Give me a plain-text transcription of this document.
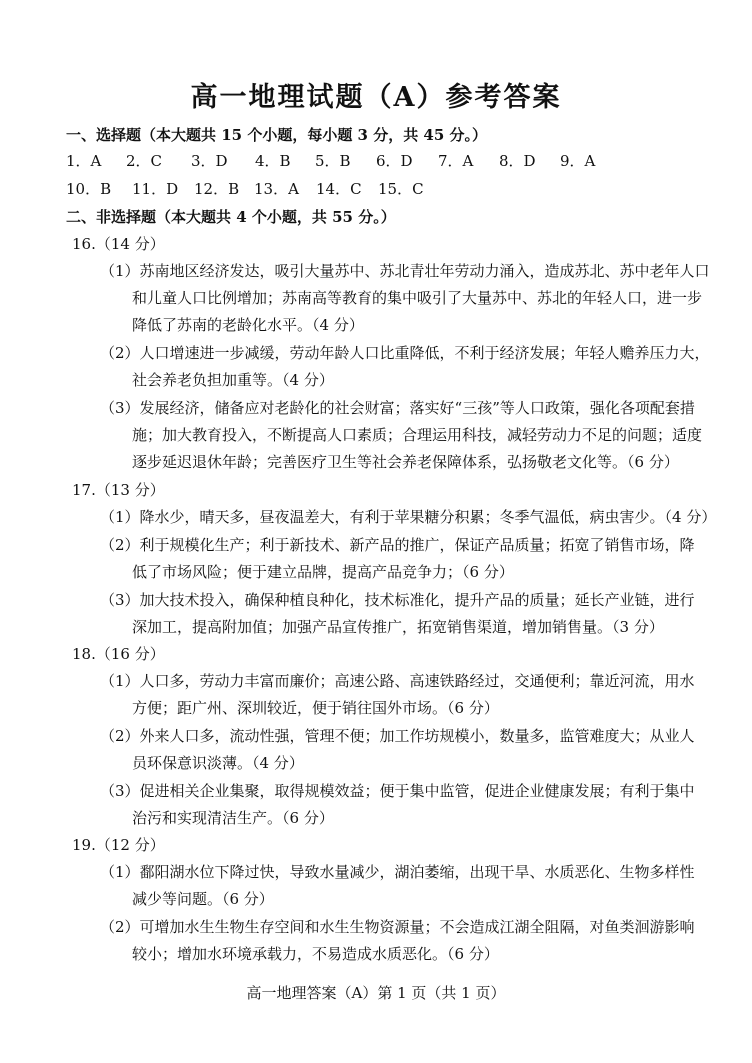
高一地理试题（A）参考答案
一、选择题（本大题共 15 个小题，每小题 3 分，共 45 分。）
1．A 2．C 3．D 4．B 5．B 6．D 7．A 8．D 9．A
10．B 11．D 12．B 13．A 14．C 15．C
二、非选择题（本大题共 4 个小题，共 55 分。）
16.（14 分）
（1）苏南地区经济发达，吸引大量苏中、苏北青壮年劳动力涌入，造成苏北、苏中老年人口
和儿童人口比例增加；苏南高等教育的集中吸引了大量苏中、苏北的年轻人口，进一步
降低了苏南的老龄化水平。（4 分）
（2）人口增速进一步减缓，劳动年龄人口比重降低，不利于经济发展；年轻人赡养压力大，
社会养老负担加重等。（4 分）
（3）发展经济，储备应对老龄化的社会财富；落实好“三孩”等人口政策，强化各项配套措
施；加大教育投入，不断提高人口素质；合理运用科技，减轻劳动力不足的问题；适度
逐步延迟退休年龄；完善医疗卫生等社会养老保障体系，弘扬敬老文化等。（6 分）
17.（13 分）
（1）降水少，晴天多，昼夜温差大，有利于苹果糖分积累；冬季气温低，病虫害少。（4 分）
（2）利于规模化生产；利于新技术、新产品的推广，保证产品质量；拓宽了销售市场，降
低了市场风险；便于建立品牌，提高产品竞争力；（6 分）
（3）加大技术投入，确保种植良种化，技术标准化，提升产品的质量；延长产业链，进行
深加工，提高附加值；加强产品宣传推广，拓宽销售渠道，增加销售量。（3 分）
18.（16 分）
（1）人口多，劳动力丰富而廉价；高速公路、高速铁路经过，交通便利；靠近河流，用水
方便；距广州、深圳较近，便于销往国外市场。（6 分）
（2）外来人口多，流动性强，管理不便；加工作坊规模小，数量多，监管难度大；从业人
员环保意识淡薄。（4 分）
（3）促进相关企业集聚，取得规模效益；便于集中监管，促进企业健康发展；有利于集中
治污和实现清洁生产。（6 分）
19.（12 分）
（1）鄱阳湖水位下降过快，导致水量减少，湖泊萎缩，出现干旱、水质恶化、生物多样性
减少等问题。（6 分）
（2）可增加水生生物生存空间和水生生物资源量；不会造成江湖全阻隔，对鱼类洄游影响
较小；增加水环境承载力，不易造成水质恶化。（6 分）
高一地理答案（A）第 1 页（共 1 页）
